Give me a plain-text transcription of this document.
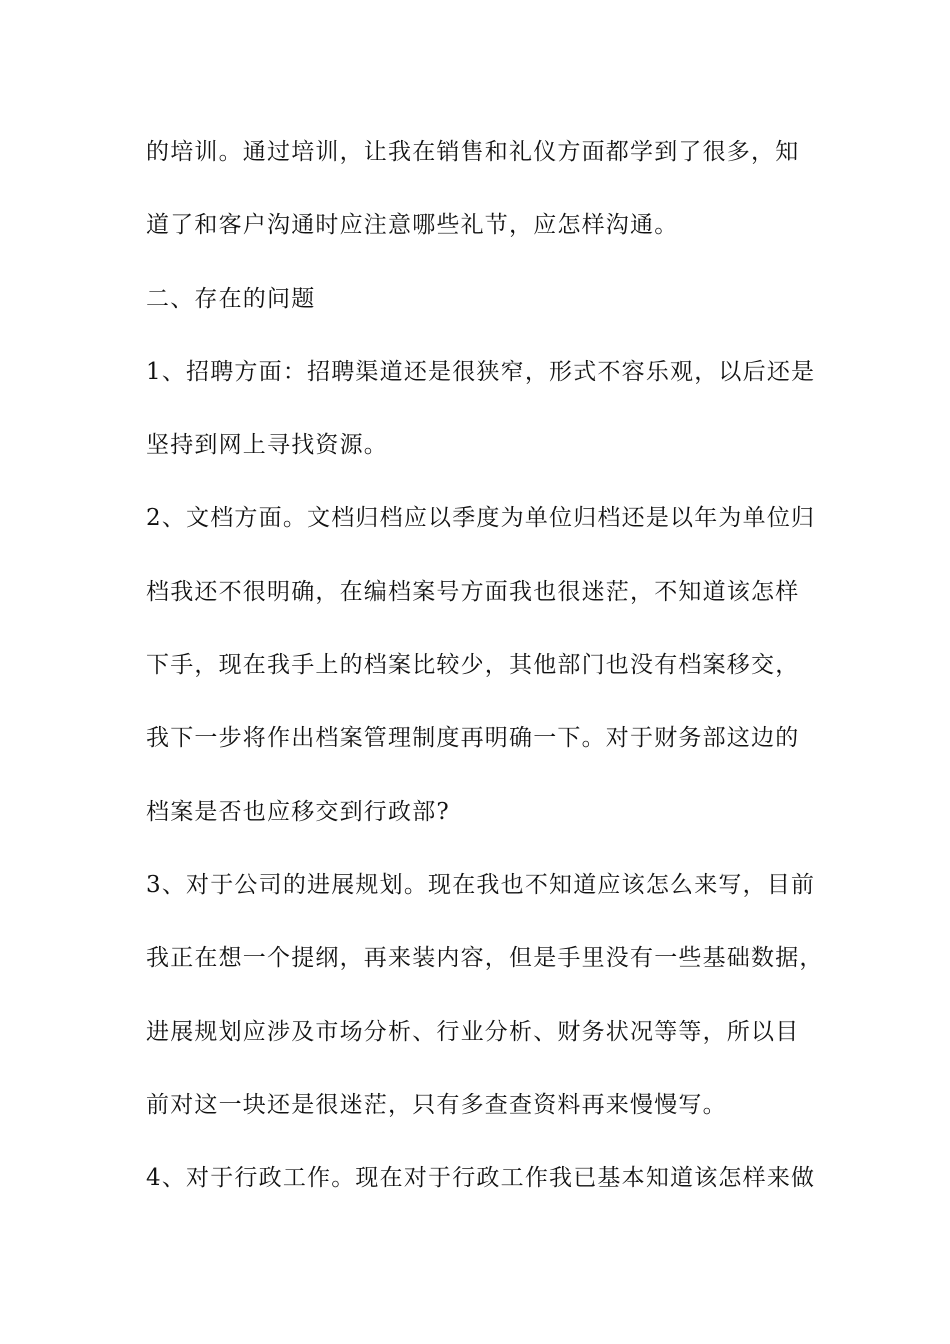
的培训。通过培训，让我在销售和礼仪方面都学到了很多，知
道了和客户沟通时应注意哪些礼节，应怎样沟通。
二、存在的问题
1、招聘方面：招聘渠道还是很狭窄，形式不容乐观，以后还是
坚持到网上寻找资源。
2、文档方面。文档归档应以季度为单位归档还是以年为单位归
档我还不很明确，在编档案号方面我也很迷茫，不知道该怎样
下手，现在我手上的档案比较少，其他部门也没有档案移交，
我下一步将作出档案管理制度再明确一下。对于财务部这边的
档案是否也应移交到行政部?
3、对于公司的进展规划。现在我也不知道应该怎么来写，目前
我正在想一个提纲，再来装内容，但是手里没有一些基础数据，
进展规划应涉及市场分析、行业分析、财务状况等等，所以目
前对这一块还是很迷茫，只有多查查资料再来慢慢写。
4、对于行政工作。现在对于行政工作我已基本知道该怎样来做
